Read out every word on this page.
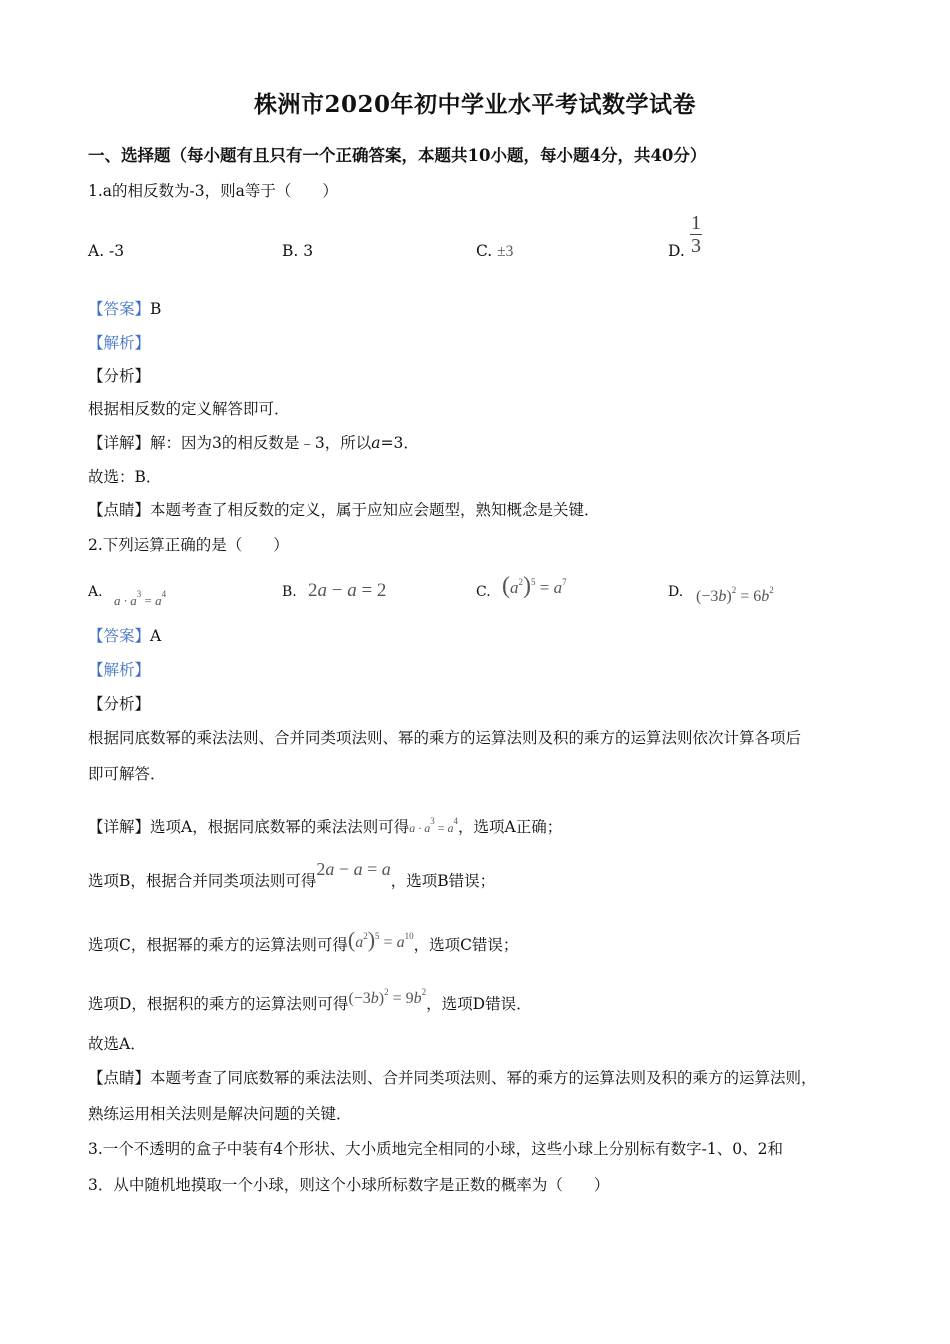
株洲市2020年初中学业水平考试数学试卷
一、选择题（每小题有且只有一个正确答案，本题共10小题，每小题4分，共40分）
1.a的相反数为-3，则a等于（　　）
A. -3	B. 3	C. ±3	D. $\frac{1}{3}$
【答案】B
【解析】
【分析】
根据相反数的定义解答即可．
【详解】解：因为3的相反数是﹣3，所以a=3．
故选：B．
【点睛】本题考查了相反数的定义，属于应知应会题型，熟知概念是关键．
2.下列运算正确的是（　　）
A.
$a \cdot a^3 = a^4$	B. 2a − a = 2	C. $(a^2)^5 = a^7$
D. $(-3b)^2 = 6b^2$
【答案】A
【解析】
【分析】
根据同底数幂的乘法法则、合并同类项法则、幂的乘方的运算法则及积的乘方的运算法则依次计算各项后
即可解答．
【详解】选项A，根据同底数幂的乘法法则可得$a \cdot a^3 = a^4$，选项A正确；
选项B，根据合并同类项法则可得2a − a = a，选项B错误；
选项C，根据幂的乘方的运算法则可得$(a^2)^5 = a^{10}$，选项C错误；
选项D，根据积的乘方的运算法则可得$(-3b)^2 = 9b^2$，选项D错误．
故选A．
【点睛】本题考查了同底数幂的乘法法则、合并同类项法则、幂的乘方的运算法则及积的乘方的运算法则，
熟练运用相关法则是解决问题的关键．
3.一个不透明的盒子中装有4个形状、大小质地完全相同的小球，这些小球上分别标有数字-1、0、2和
3．从中随机地摸取一个小球，则这个小球所标数字是正数的概率为（　　）
